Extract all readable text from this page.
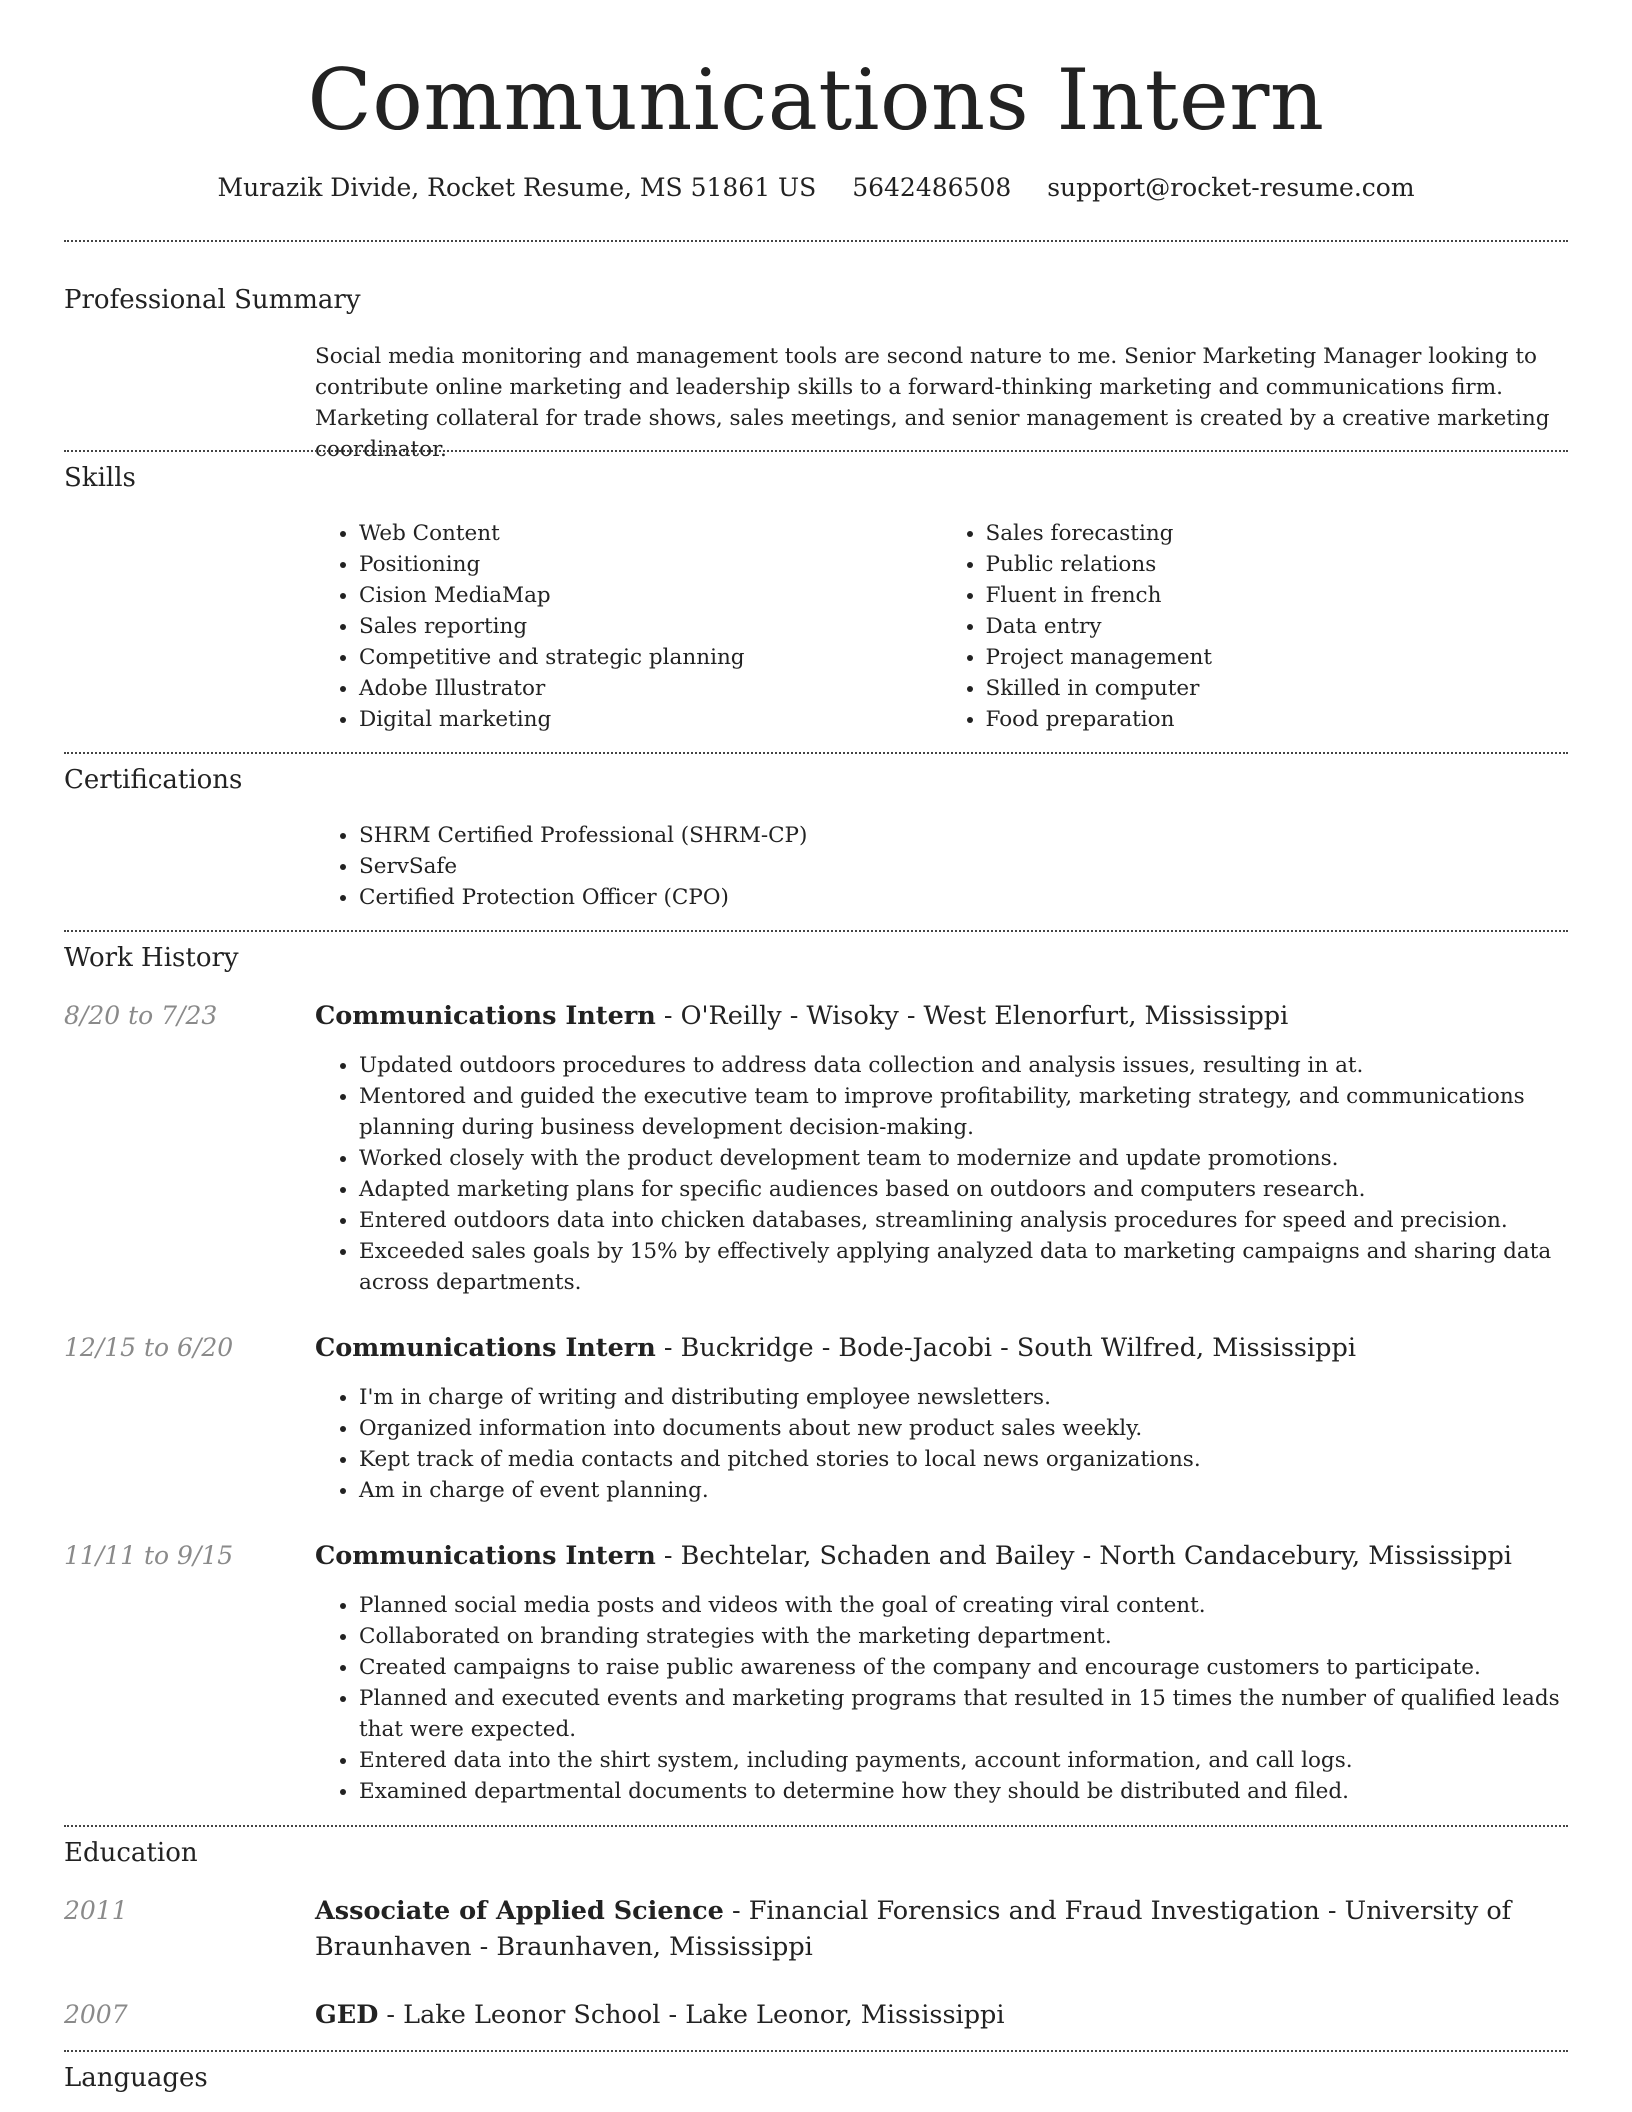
Communications Intern
Murazik Divide, Rocket Resume, MS 51861 US 5642486508 support@rocket-resume.com
Professional Summary

Social media monitoring and management tools are second nature to me. Senior Marketing Manager looking to contribute online marketing and leadership skills to a forward-thinking marketing and communications firm. Marketing collateral for trade shows, sales meetings, and senior management is created by a creative marketing coordinator.

Skills
• Web Content
• Positioning
• Cision MediaMap
• Sales reporting
• Competitive and strategic planning
• Adobe Illustrator
• Digital marketing
• Sales forecasting
• Public relations
• Fluent in french
• Data entry
• Project management
• Skilled in computer
• Food preparation
Certifications
• SHRM Certified Professional (SHRM-CP)
• ServSafe
• Certified Protection Officer (CPO)
Work History
8/20 to 7/23	Communications Intern - O'Reilly - Wisoky - West Elenorfurt, Mississippi
• Updated outdoors procedures to address data collection and analysis issues, resulting in at.
• Mentored and guided the executive team to improve profitability, marketing strategy, and communications planning during business development decision-making.
• Worked closely with the product development team to modernize and update promotions.
• Adapted marketing plans for specific audiences based on outdoors and computers research.
• Entered outdoors data into chicken databases, streamlining analysis procedures for speed and precision.
• Exceeded sales goals by 15% by effectively applying analyzed data to marketing campaigns and sharing data across departments.
12/15 to 6/20	Communications Intern - Buckridge - Bode-Jacobi - South Wilfred, Mississippi
• I'm in charge of writing and distributing employee newsletters.
• Organized information into documents about new product sales weekly.
• Kept track of media contacts and pitched stories to local news organizations.
• Am in charge of event planning.
11/11 to 9/15	Communications Intern - Bechtelar, Schaden and Bailey - North Candacebury, Mississippi
• Planned social media posts and videos with the goal of creating viral content.
• Collaborated on branding strategies with the marketing department.
• Created campaigns to raise public awareness of the company and encourage customers to participate.
• Planned and executed events and marketing programs that resulted in 15 times the number of qualified leads that were expected.
• Entered data into the shirt system, including payments, account information, and call logs.
• Examined departmental documents to determine how they should be distributed and filed.
Education
2011	Associate of Applied Science - Financial Forensics and Fraud Investigation - University of Braunhaven - Braunhaven, Mississippi
2007	GED - Lake Leonor School - Lake Leonor, Mississippi
Languages
